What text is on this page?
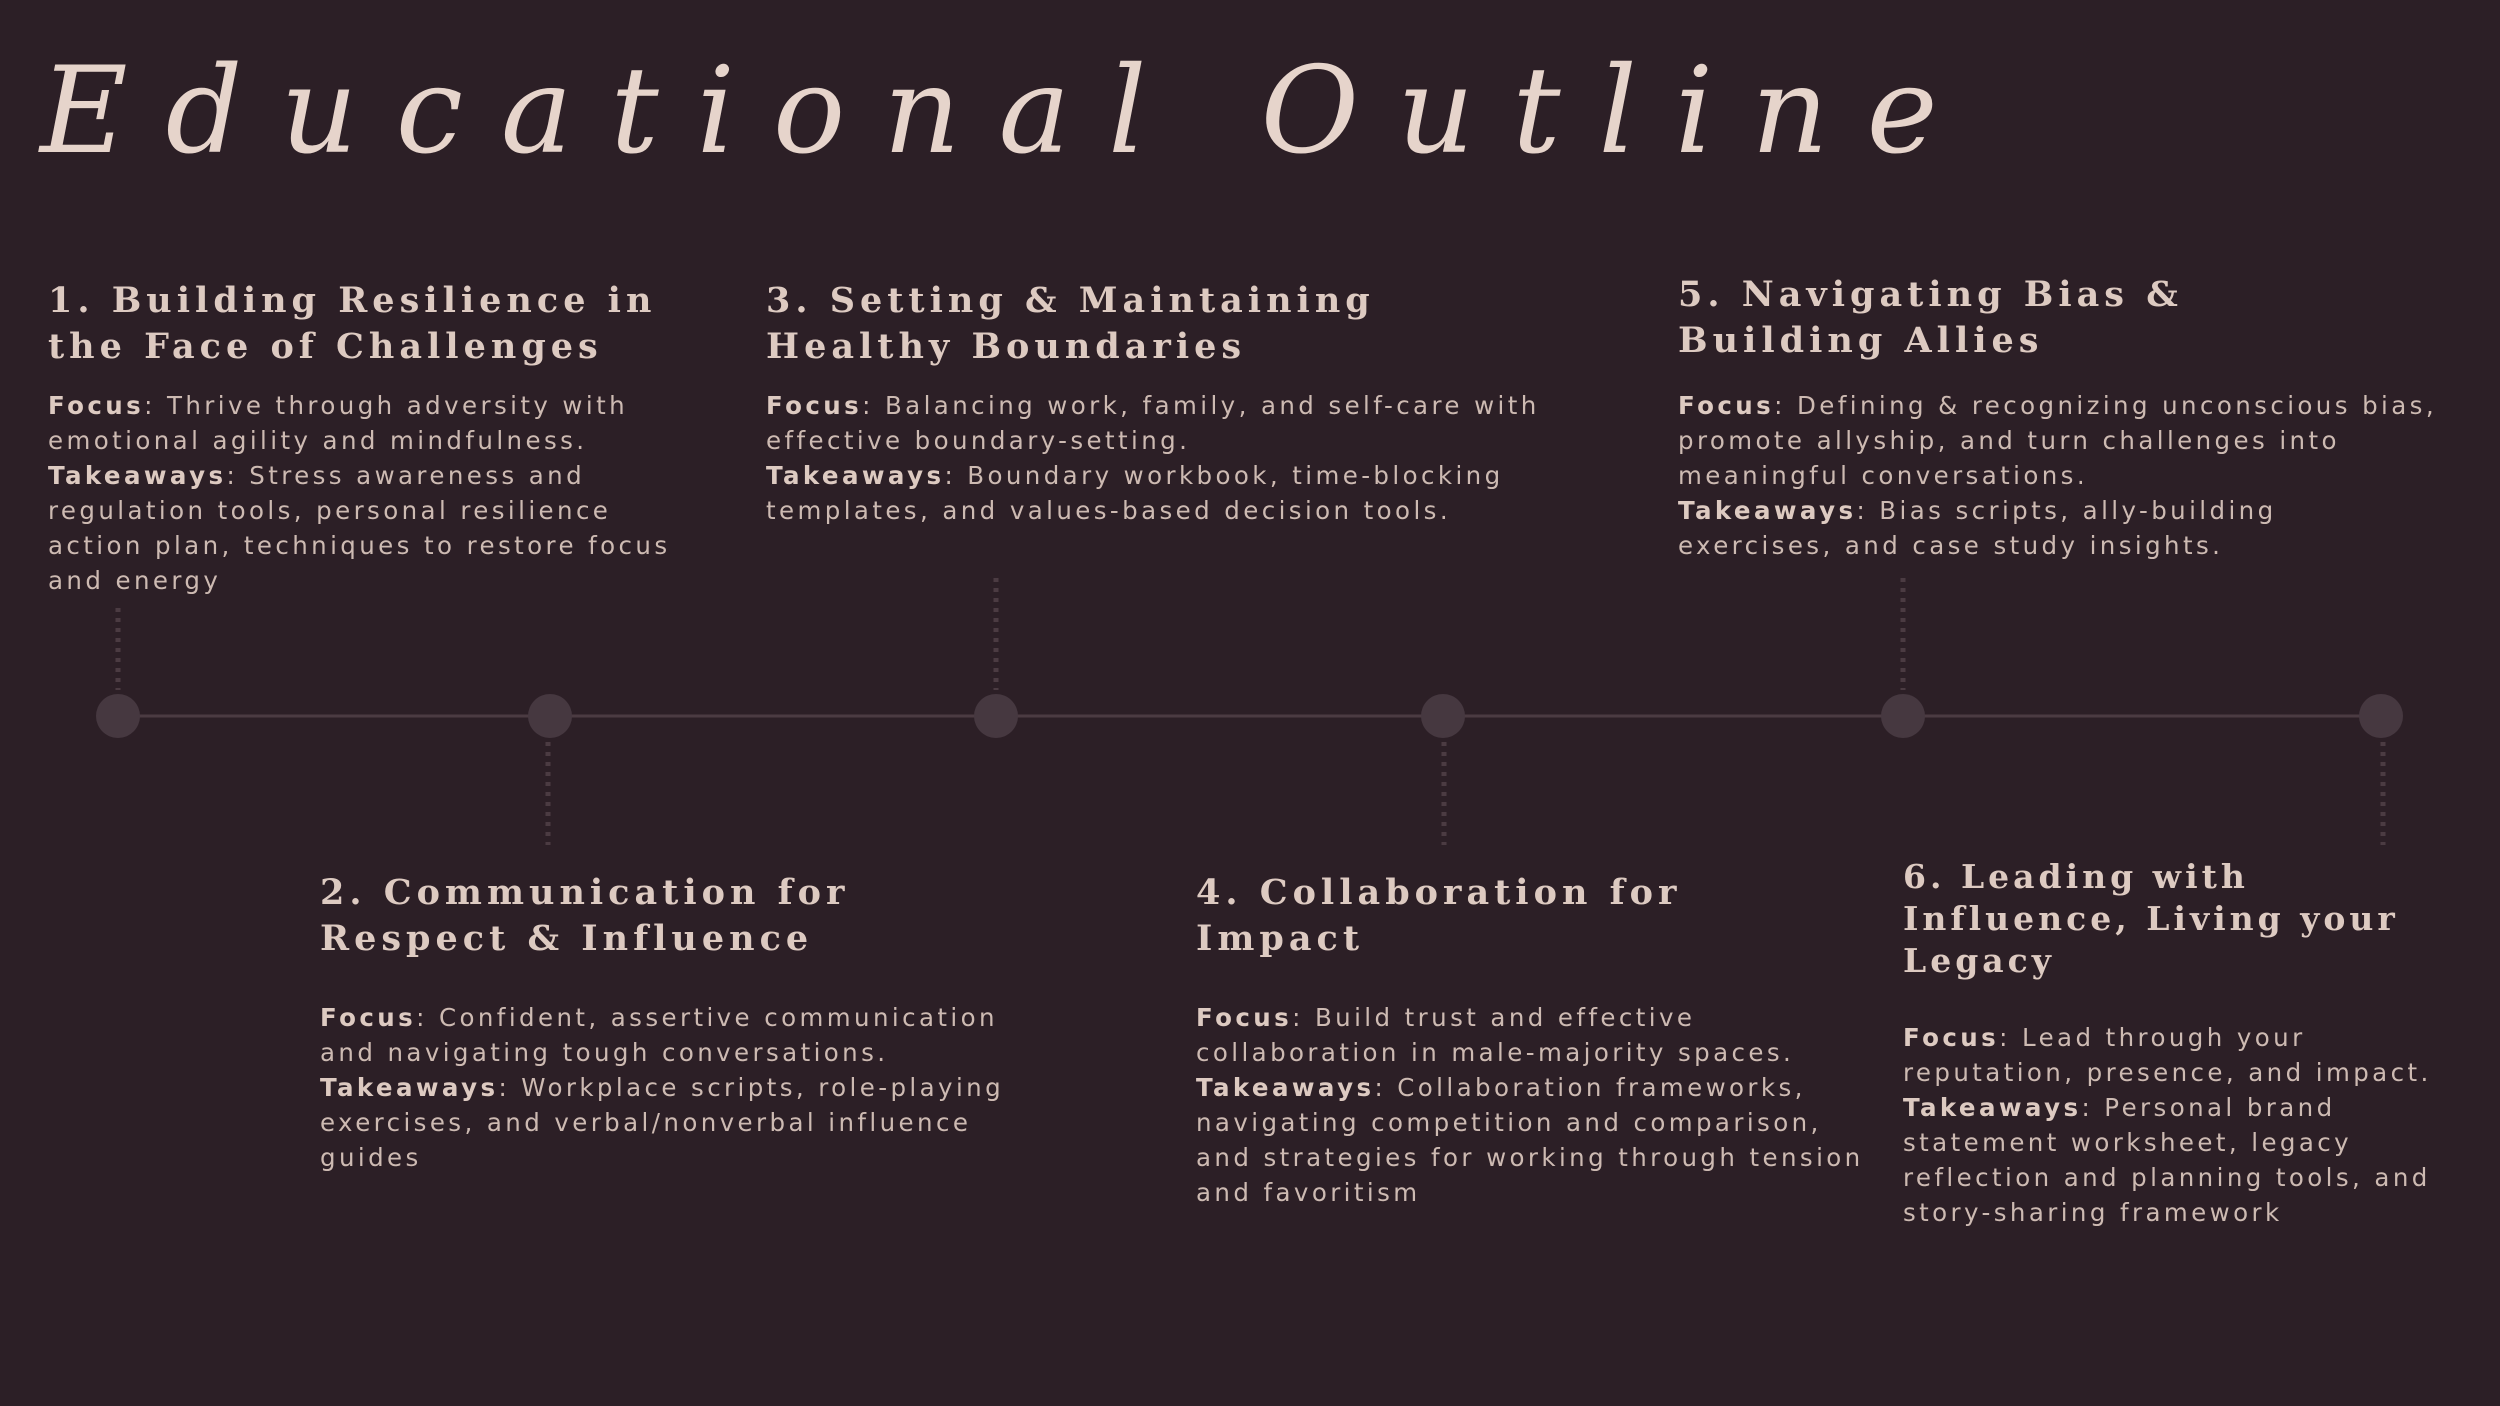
Educational Outline
1. Building Resilience in the Face of Challenges
Focus: Thrive through adversity with emotional agility and mindfulness.
Takeaways: Stress awareness and regulation tools, personal resilience action plan, techniques to restore focus and energy
2. Communication for Respect & Influence
Focus: Confident, assertive communication and navigating tough conversations.
Takeaways: Workplace scripts, role-playing exercises, and verbal/nonverbal influence guides
3. Setting & Maintaining Healthy Boundaries
Focus: Balancing work, family, and self-care with effective boundary-setting.
Takeaways: Boundary workbook, time-blocking templates, and values-based decision tools.
4. Collaboration for Impact
Focus: Build trust and effective collaboration in male-majority spaces.
Takeaways: Collaboration frameworks, navigating competition and comparison, and strategies for working through tension and favoritism
5. Navigating Bias & Building Allies
Focus: Defining & recognizing unconscious bias, promote allyship, and turn challenges into meaningful conversations.
Takeaways: Bias scripts, ally-building exercises, and case study insights.
6. Leading with Influence, Living your Legacy
Focus: Lead through your reputation, presence, and impact.
Takeaways: Personal brand statement worksheet, legacy reflection and planning tools, and story-sharing framework
